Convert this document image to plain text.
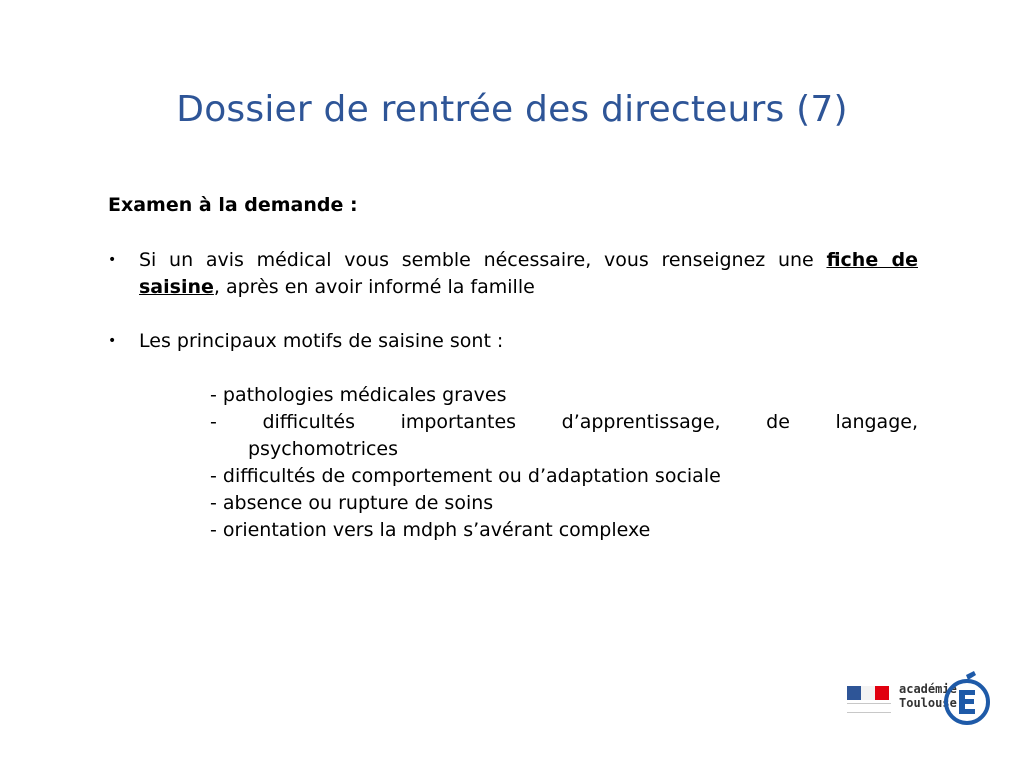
Dossier de rentrée des directeurs (7)

Examen à la demande :

• Si un avis médical vous semble nécessaire, vous renseignez une fiche de saisine, après en avoir informé la famille
• Les principaux motifs de saisine sont :
- pathologies médicales graves
- difficultés importantes d’apprentissage, de langage,
psychomotrices
- difficultés de comportement ou d’adaptation sociale
- absence ou rupture de soins
- orientation vers la mdph s’avérant complexe
académie
Toulouse
